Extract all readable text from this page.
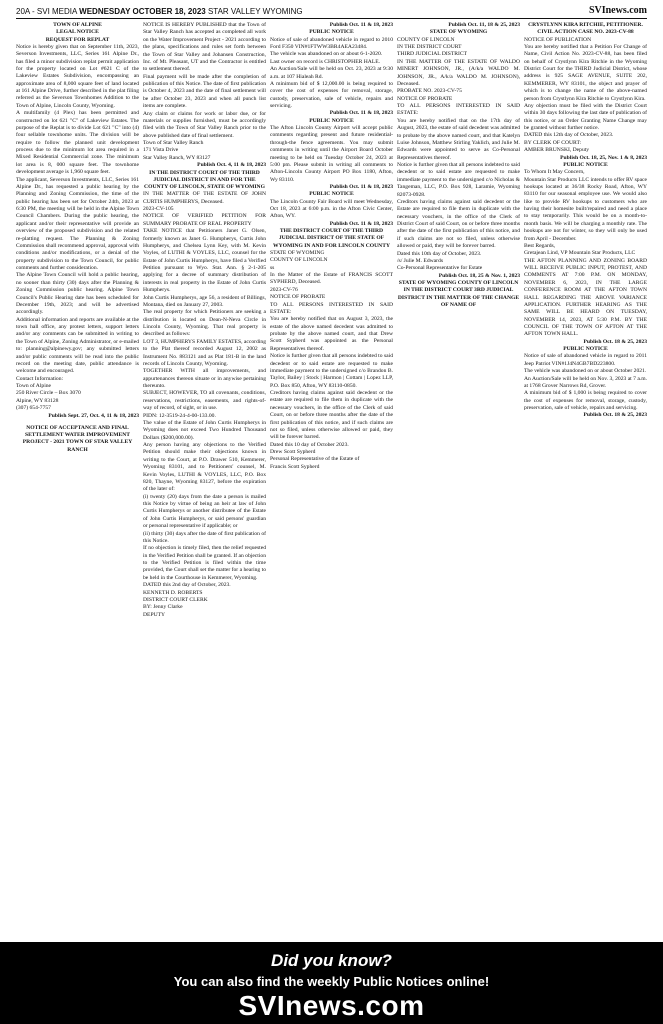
20A - SVI MEDIA WEDNESDAY OCTOBER 18, 2023 STAR VALLEY WYOMING	SVInews.com

TOWN OF ALPINE
LEGAL NOTICE
REQUEST FOR REPLAT

Notice is hereby given that on September 11th, 2023, Severson Investments, LLC, Series 161 Alpine Dr., has filed a minor subdivision replat permit application for the property located on Lot #621 C of the Lakeview Estates Subdivision, encompassing an approximate area of 8,000 square feet of land located at 161 Alpine Drive, further described in the plat filing referred as the Severson Townhomes Addition to the Town of Alpine, Lincoln County, Wyoming.
A multifamily (4 Plex) has been permitted and constructed on lot 621 "C" of Lakeview Estates. The purpose of the Replat is to divide Lot 621 "C" into (4) four sellable townhome units. The division will be require to follow the planned unit development process due to the minimum lot area required in a Mixed Residential Commercial zone. The minimum lot area is 8, 000 square feet. The townhome development average is 1,960 square feet.
The applicant, Severson Investments, LLC, Series 161 Alpine Dr., has requested a public hearing by the Planning and Zoning Commission, the time of the public hearing has been set for October 24th, 2023 at 6:30 PM, the meeting will be held in the Alpine Town Council Chambers. During the public hearing, the applicant and/or their representative will provide an overview of the proposed subdivision and the related re-platting request. The Planning & Zoning Commission shall recommend approval, approval with conditions and/or modifications, or a denial of the property subdivision to the Town Council, for public comments and further consideration.
The Alpine Town Council will hold a public hearing, no sooner than thirty (30) days after the Planning & Zoning Commission public hearing. Alpine Town Council's Public Hearing date has been scheduled for December 19th, 2023; and will be advertised accordingly.
Additional information and reports are available at the town hall office, any protest letters, support letters and/or any comments can be submitted in writing to the Town of Alpine, Zoning Administrator, or e-mailed to: planning@alpinewy.gov; any submitted letters and/or public comments will be read into the public record on the meeting date, public attendance is welcome and encouraged.
Contact Information:
Town of Alpine
250 River Circle – Box 3070
Alpine, WY 83128
(307) 654-7757

Publish Sept. 27, Oct. 4, 11 & 18, 2023

NOTICE OF ACCEPTANCE AND FINAL SETTLEMENT WATER IMPROVEMENT PROJECT - 2021 TOWN OF STAR VALLEY RANCH

NOTICE IS HEREBY PUBLISHED that the Town of Star Valley Ranch has accepted as completed all work on the Water Improvement Project - 2021 according to the plans, specifications and rules set forth between the Town of Star Valley and Johansen Construction, Inc. of Mt. Pleasant, UT and the Contractor is entitled to settlement thereof.
Final payment will be made after the completion of publication of this Notice. The date of first publication is October 4, 2023 and the date of final settlement will be after October 23, 2023 and when all punch list items are complete.
Any claim or claims for work or labor due, or for materials or supplies furnished, must be accordingly filed with the Town of Star Valley Ranch prior to the above published date of final settlement.
Town of Star Valley Ranch
171 Vista Drive
Star Valley Ranch, WY 83127

Publish Oct. 4, 11 & 18, 2023

IN THE DISTRICT COURT OF THE THIRD JUDICIAL DISTRICT IN AND FOR THE COUNTY OF LINCOLN, STATE OF WYOMING

IN THE MATTER OF THE ESTATE OF JOHN CURTIS HUMPHERYS, Deceased.
2023-CV-105
NOTICE OF VERIFIED PETITION FOR SUMMARY PROBATE OF REAL PROPERTY
TAKE NOTICE that Petitioners Janet G. Olsen, formerly known as Janet G. Humpherys, Curtis John Humpherys, and Chelsea Lynn Key, with M. Kevin Voyles, of LUTHI & VOYLES, LLC, counsel for the Estate of John Curtis Humpherys, have filed a Verified Petition pursuant to Wyo. Stat. Ann. § 2-1-205 applying for a decree of summary distribution of interests in real property in the Estate of John Curtis Humpherys.
John Curtis Humpherys, age 56, a resident of Billings, Montana, died on January 27, 2003.
The real property for which Petitioners are seeking a distribution is located on Dean-N-Neva Circle in Lincoln County, Wyoming. That real property is described as follows:
LOT 3, HUMPHERYS FAMILY ESTATES, according to the Plat thereof recorded August 12, 2002 as Instrument No. 883121 and as Plat 181-B in the land records of Lincoln County, Wyoming.
TOGETHER WITH all improvements, and appurtenances thereon situate or in anywise pertaining thereunto.
SUBJECT, HOWEVER, TO all covenants, conditions, reservations, restrictions, easements, and rights-of-way of record, of sight, or in use.
PIDN: 12-3519-24-4-00-133.00.
The value of the Estate of John Curtis Humpherys in Wyoming does not exceed Two Hundred Thousand Dollars ($200,000.00).
Any person having any objections to the Verified Petition should make their objections known in writing to the Court, at P.O. Drawer 510, Kemmerer, Wyoming 83101, and to Petitioners' counsel, M. Kevin Voyles, LUTHI & VOYLES, LLC, P.O. Box 820, Thayne, Wyoming 83127, before the expiration of the later of:
(i) twenty (20) days from the date a person is mailed this Notice by virtue of being an heir at law of John Curtis Humpherys or another distributee of the Estate of John Curtis Humpherys, or said persons' guardian or personal representative if applicable; or
(ii) thirty (30) days after the date of first publication of this Notice.
If no objection is timely filed, then the relief requested in the Verified Petition shall be granted. If an objection to the Verified Petition is filed within the time provided, the Court shall set the matter for a hearing to be held in the Courthouse in Kemmerer, Wyoming.
DATED this 2nd day of October, 2023.
KENNETH D. ROBERTS
DISTRICT COURT CLERK
BY: Jenny Clarke
DEPUTY

Publish Oct. 11 & 18, 2023

PUBLIC NOTICE

Notice of sale of abandoned vehicle in regard to 2010 Ford F350 VIN#1FTWW3BR4AEA23484.
The vehicle was abandoned on or about 6-1-2020.
Last owner on record is CHRISTOPHER HALE.
An Auction/Sale will be held on Oct. 23, 2023 at 9:30 a.m. at 107 Hialeah Rd.
A minimum bid of $ 12,000.00 is being required to cover the cost of expenses for removal, storage, custody, preservation, sale of vehicle, repairs and servicing.

Publish Oct. 11 & 18, 2023

PUBLIC NOTICE

The Afton Lincoln County Airport will accept public comments regarding present and future residential-through-the fence agreements. You may submit comments in writing until the Airport Board October meeting to be held on Tuesday October 24, 2023 at 5:00 pm. Please submit in writing all comments to Afton-Lincoln County Airport PO Box 1180, Afton, Wy 83110.

Publish Oct. 11 & 18, 2023

PUBLIC NOTICE

The Lincoln County Fair Board will meet Wednesday, Oct 18, 2023 at 6:00 p.m. in the Afton Civic Center, Afton, WY.

Publish Oct. 11 & 18, 2023

THE DISTRICT COURT OF THE THIRD JUDICIAL DISTRICT OF THE STATE OF WYOMING IN AND FOR LINCOLN COUNTY

STATE OF WYOMING
COUNTY OF LINCOLN
ss
In the Matter of the Estate of FRANCIS SCOTT SYPHERD, Deceased.
2023-CV-76
NOTICE OF PROBATE
TO ALL PERSONS INTERESTED IN SAID ESTATE:
You are hereby notified that on August 3, 2023, the estate of the above named decedent was admitted to probate by the above named court, and that Drew Scott Sypherd was appointed as the Personal Representatives thereof.
Notice is further given that all persons indebted to said decedent or to said estate are requested to make immediate payment to the undersigned c/o Brandon B. Taylor, Bailey | Stock | Harmon | Cottam | Lopez LLP, P.O. Box 850, Afton, WY 83110-0850.
Creditors having claims against said decedent or the estate are required to file them in duplicate with the necessary vouchers, in the office of the Clerk of said Court, on or before three months after the date of the first publication of this notice, and if such claims are not so filed, unless otherwise allowed or paid, they will be forever barred.
Dated this 10 day of October 2023.
Drew Scott Sypherd
Personal Representative of the Estate of
Francis Scott Sypherd

Publish Oct. 11, 18 & 25, 2023

STATE OF WYOMING

COUNTY OF LINCOLN
IN THE DISTRICT COURT
THIRD JUDICIAL DISTRICT
IN THE MATTER OF THE ESTATE OF WALDO MINERT JOHNSON, JR., (A/k/a WALDO M. JOHNSON, JR., A/k/a WALDO M. JOHNSON), Deceased.
PROBATE NO. 2023-CV-75
NOTICE OF PROBATE
TO ALL PERSONS INTERESTED IN SAID ESTATE:
You are hereby notified that on the 17th day of August, 2023, the estate of said decedent was admitted to probate by the above named court, and that Katelyn Luise Johnson, Matthew Stirling Yaklich, and Julie M. Edwards were appointed to serve as Co-Personal Representatives thereof.
Notice is further given that all persons indebted to said decedent or to said estate are requested to make immediate payment to the undersigned c/o Nicholas & Tangeman, LLC, P.O. Box 928, Laramie, Wyoming 82073-0928.
Creditors having claims against said decedent or the Estate are required to file them in duplicate with the necessary vouchers, in the office of the Clerk of District Court of said Court, on or before three months after the date of the first publication of this notice, and if such claims are not so filed, unless otherwise allowed or paid, they will be forever barred.
Dated this 10th day of October, 2023.
/s/ Julie M. Edwards
Co-Personal Representative for Estate

Publish Oct. 18, 25 & Nov. 1, 2023

STATE OF WYOMING COUNTY OF LINCOLN IN THE DISTRICT COURT 3RD JUDICIAL DISTRICT IN THE MATTER OF THE CHANGE OF NAME OF

CRYSTLYNN KIRA RITCHIE, PETITIONER.

CIVIL ACTION CASE NO. 2023-CV-88

NOTICE OF PUBLICATION
You are hereby notified that a Petition For Change of Name, Civil Action No. 2023-CV-88, has been filed on behalf of Crystlynn Kira Ritchie in the Wyoming District Court for the THIRD Judicial District, whose address is 925 SAGE AVENUE, SUITE 202, KEMMERER, WY 83101, the object and prayer of which is to change the name of the above-named person from Crystlynn Kira Ritchie to Crystlynn Kira.
Any objection must be filed with the District Court within 30 days following the last date of publication of this notice, or an Order Granting Name Change may be granted without further notice.
DATED this 12th day of October, 2023.
BY CLERK OF COURT:
AMBER BRUNSKI, Deputy

Publish Oct. 18, 25, Nov. 1 & 8, 2023

PUBLIC NOTICE

To Whom It May Concern,
Mountain Star Products LLC intends to offer RV space hookups located at 36/38 Rocky Road, Afton, WY 83110 for our seasonal employee use. We would also like to provide RV hookups to customers who are having their homesite built/repaired and need a place to stay temporarily. This would be on a month-to-month basis. We will be charging a monthly rate. The hookups are not for winter, so they will only be used from April - December.
Best Regards,
Gretajean Lind, VP Mountain Star Products, LLC
THE AFTON PLANNING AND ZONING BOARD WILL RECEIVE PUBLIC INPUT, PROTEST, AND COMMENTS AT 7:00 P.M. ON MONDAY, NOVEMBER 6, 2023, IN THE LARGE CONFERENCE ROOM AT THE AFTON TOWN HALL REGARDING THE ABOVE VARIANCE APPLICATION. FURTHER HEARING AS THE SAME WILL BE HEARD ON TUESDAY, NOVEMBER 14, 2023, AT 5:30 P.M. BY THE COUNCIL OF THE TOWN OF AFTON AT THE AFTON TOWN HALL.

Publish Oct. 18 & 25, 2023

PUBLIC NOTICE

Notice of sale of abandoned vehicle in regard to 2011 Jeep Patriot VIN#1J4N4GB7BD223800.
The vehicle was abandoned on or about October 2021.
An Auction/Sale will be held on Nov. 3, 2023 at 7 a.m. at 1768 Grover Narrows Rd, Grover.
A minimum bid of $ 1,000 is being required to cover the cost of expenses for removal, storage, custody, preservation, sale of vehicle, repairs and servicing.

Publish Oct. 18 & 25, 2023

Did you know?
You can also find the weekly Public Notices online!
SVInews.com
